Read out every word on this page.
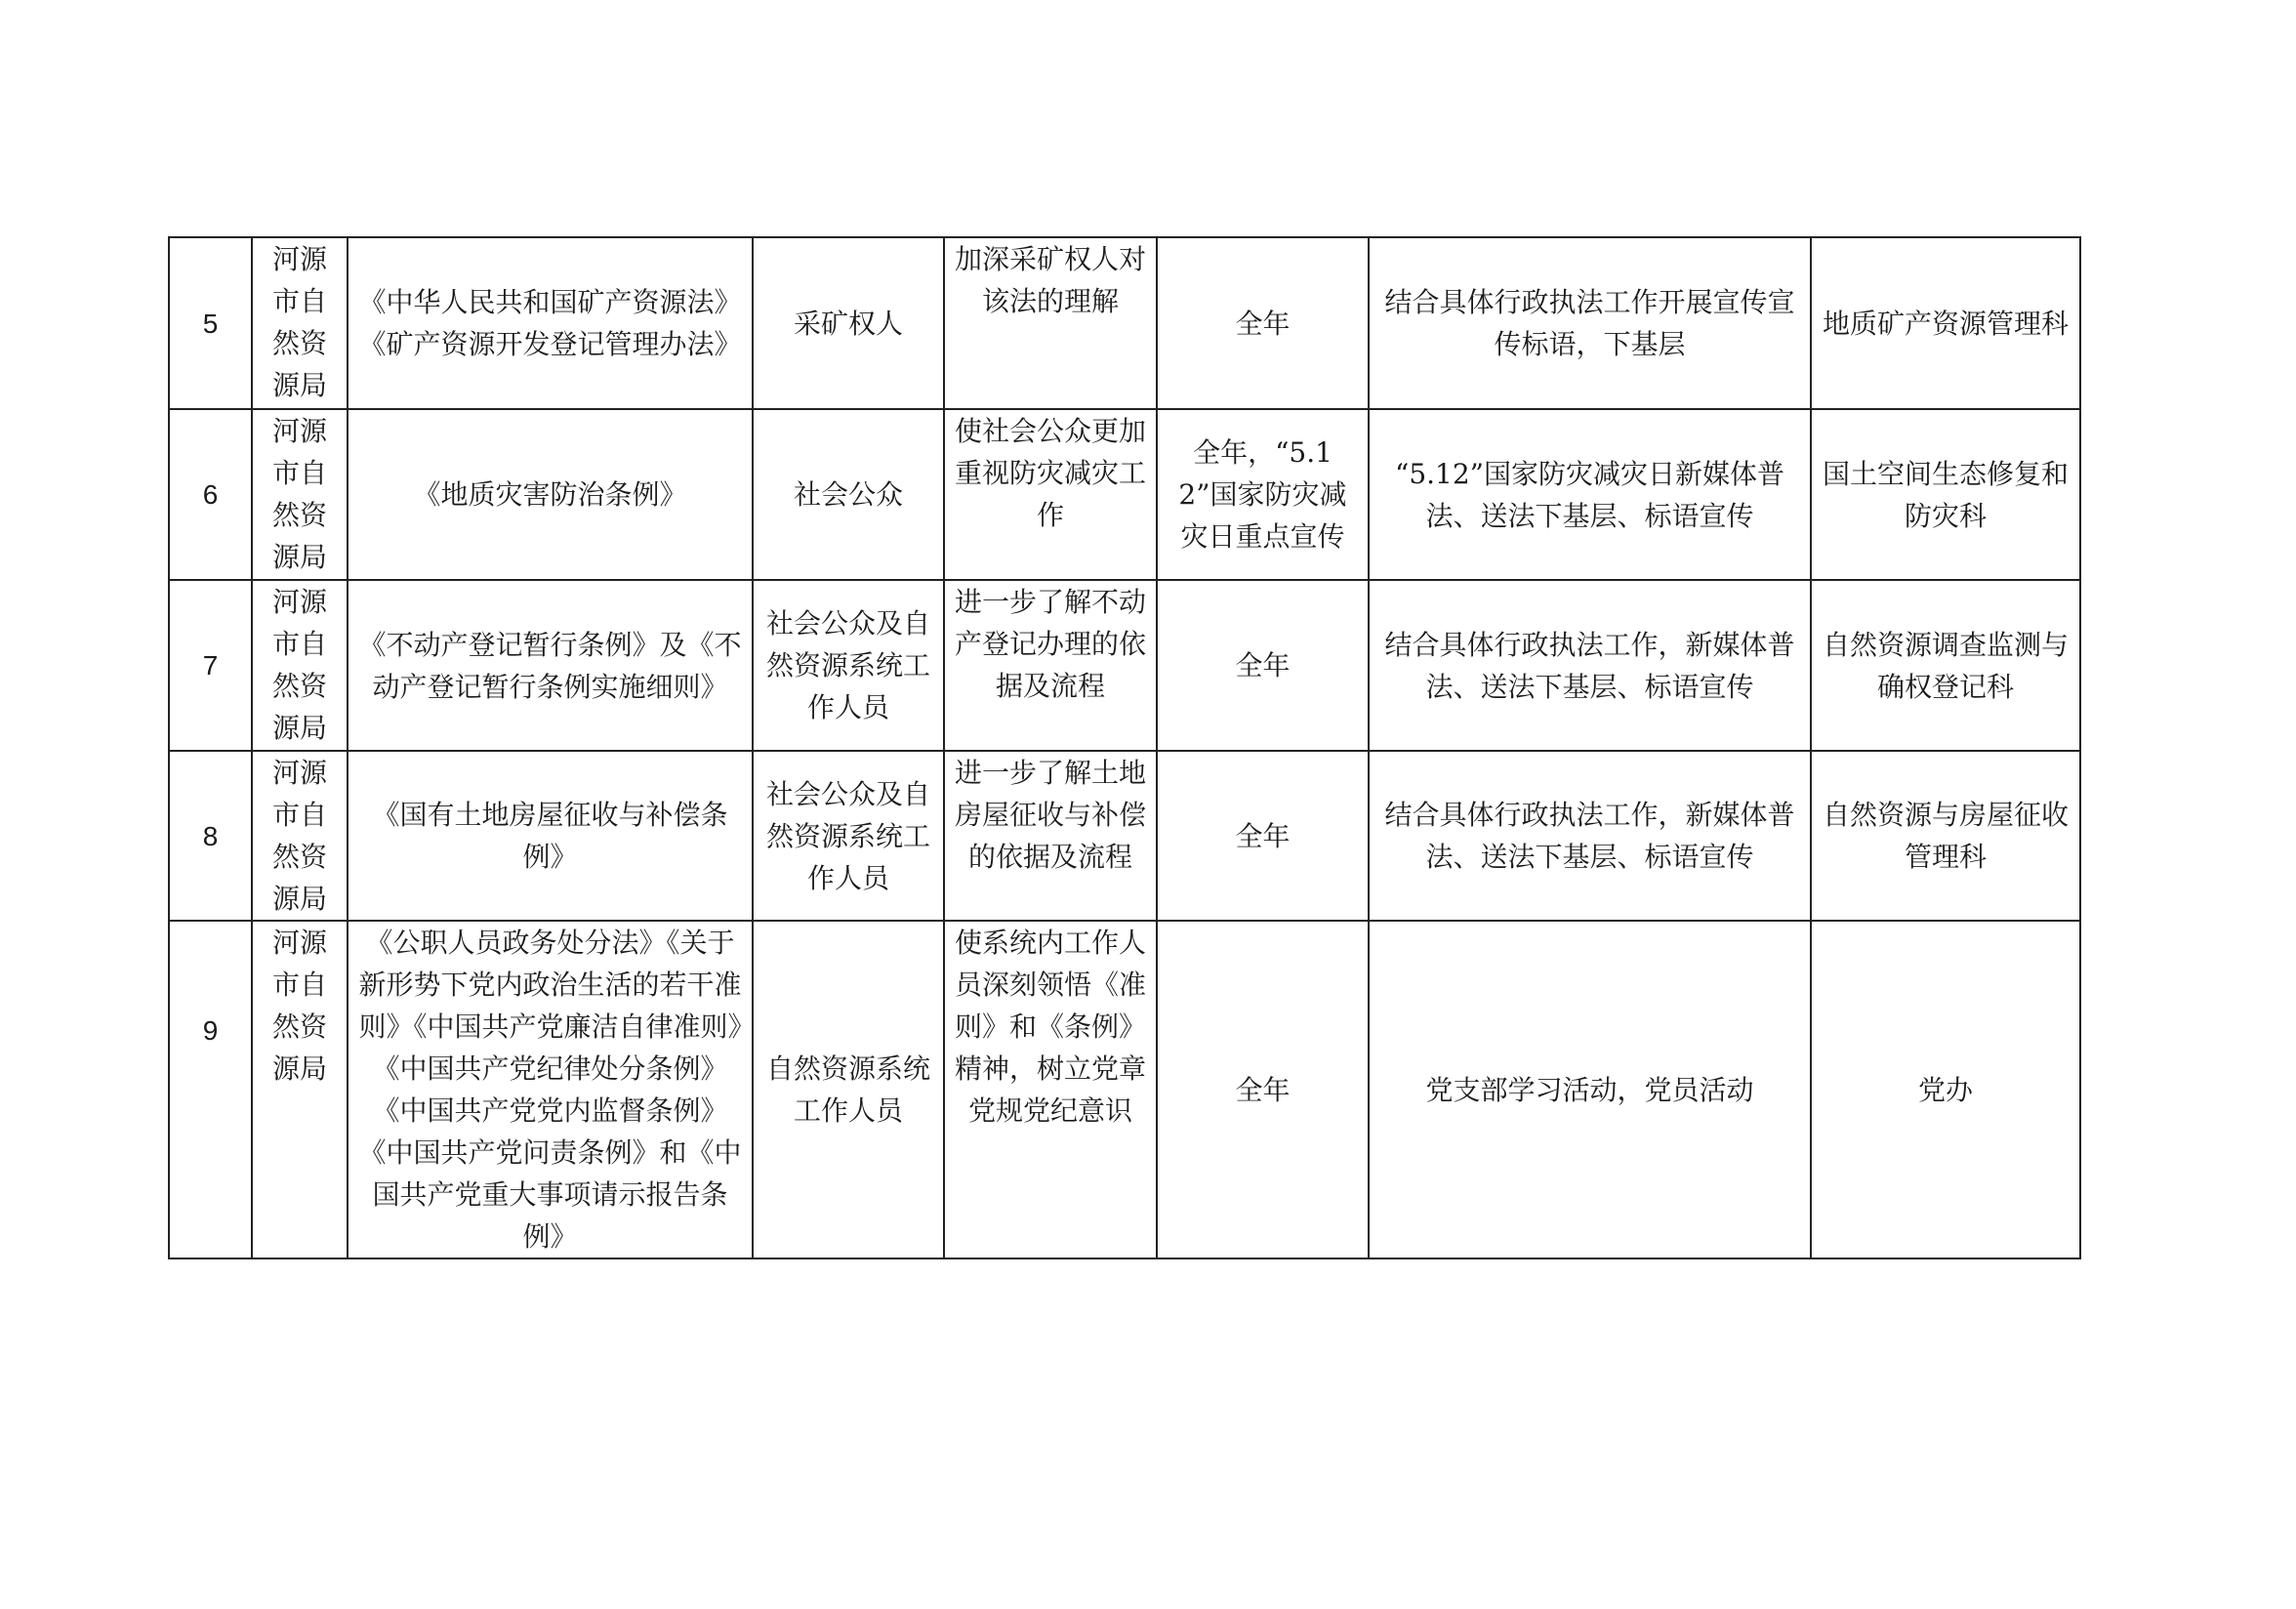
5	河源市自然资源局	《中华人民共和国矿产资源法》《矿产资源开发登记管理办法》	采矿权人	加深采矿权人对该法的理解	全年	结合具体行政执法工作开展宣传宣传标语，下基层	地质矿产资源管理科
6	河源市自然资源局	《地质灾害防治条例》	社会公众	使社会公众更加重视防灾减灾工作	全年，“5.12”国家防灾减灾日重点宣传	“5.12”国家防灾减灾日新媒体普法、送法下基层、标语宣传	国土空间生态修复和防灾科
7	河源市自然资源局	《不动产登记暂行条例》及《不动产登记暂行条例实施细则》	社会公众及自然资源系统工作人员	进一步了解不动产登记办理的依据及流程	全年	结合具体行政执法工作，新媒体普法、送法下基层、标语宣传	自然资源调查监测与确权登记科
8	河源市自然资源局	《国有土地房屋征收与补偿条例》	社会公众及自然资源系统工作人员	进一步了解土地房屋征收与补偿的依据及流程	全年	结合具体行政执法工作，新媒体普法、送法下基层、标语宣传	自然资源与房屋征收管理科
9	河源市自然资源局	《公职人员政务处分法》《关于新形势下党内政治生活的若干准则》《中国共产党廉洁自律准则》《中国共产党纪律处分条例》《中国共产党党内监督条例》《中国共产党问责条例》和《中国共产党重大事项请示报告条例》	自然资源系统工作人员	使系统内工作人员深刻领悟《准则》和《条例》精神，树立党章党规党纪意识	全年	党支部学习活动，党员活动	党办
